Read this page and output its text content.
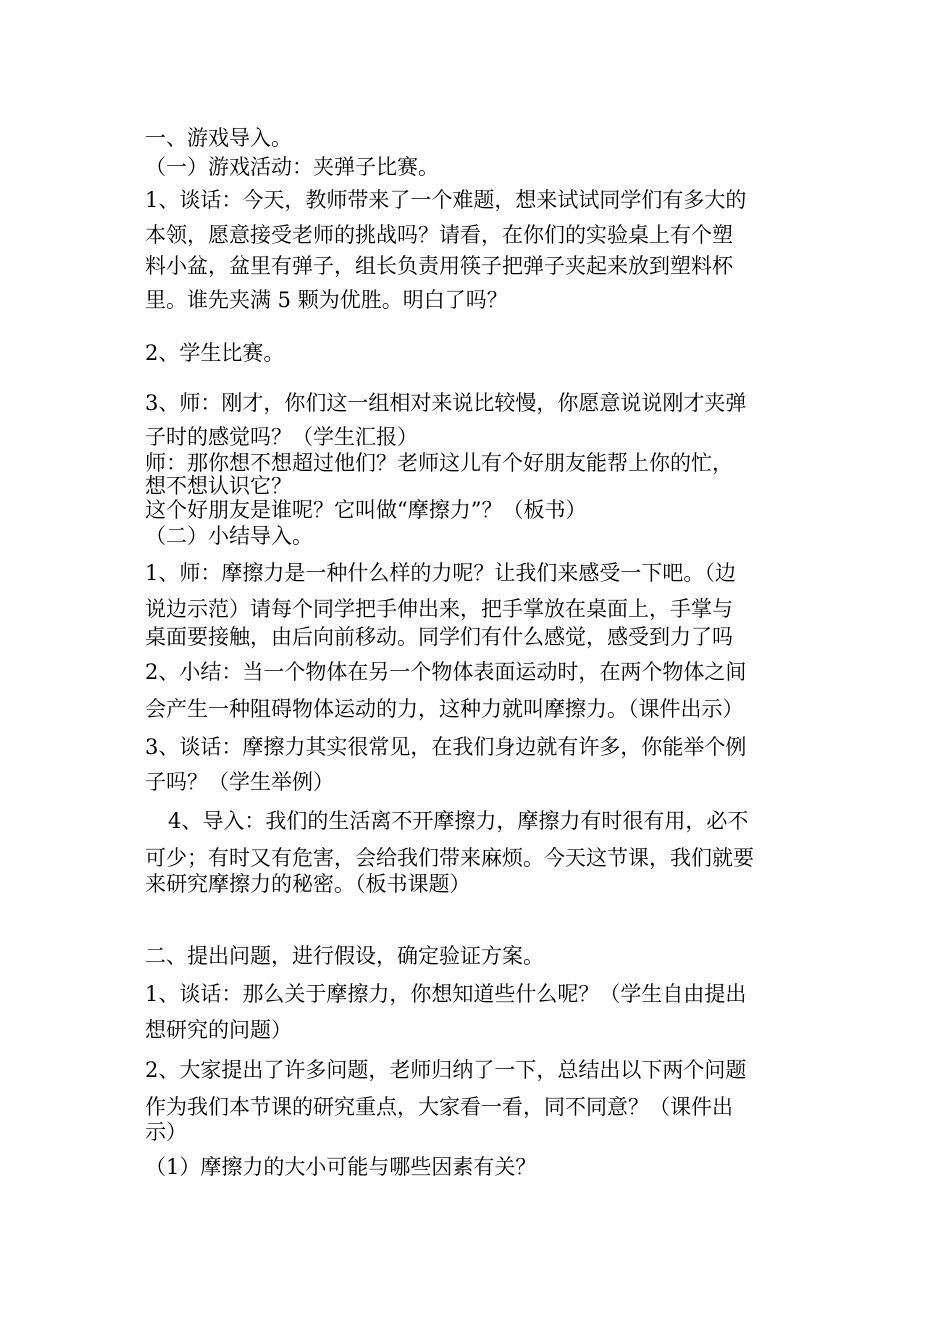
一、游戏导入。
（一）游戏活动：夹弹子比赛。
1、谈话：今天，教师带来了一个难题，想来试试同学们有多大的
本领，愿意接受老师的挑战吗？请看，在你们的实验桌上有个塑
料小盆，盆里有弹子，组长负责用筷子把弹子夹起来放到塑料杯
里。谁先夹满 5 颗为优胜。明白了吗？
2、学生比赛。
3、师：刚才，你们这一组相对来说比较慢，你愿意说说刚才夹弹
子时的感觉吗？（学生汇报）
师：那你想不想超过他们？老师这儿有个好朋友能帮上你的忙，
想不想认识它？
这个好朋友是谁呢？它叫做“摩擦力”？（板书）
（二）小结导入。
1、师：摩擦力是一种什么样的力呢？让我们来感受一下吧。（边
说边示范）请每个同学把手伸出来，把手掌放在桌面上，手掌与
桌面要接触，由后向前移动。同学们有什么感觉，感受到力了吗
2、小结：当一个物体在另一个物体表面运动时，在两个物体之间
会产生一种阻碍物体运动的力，这种力就叫摩擦力。（课件出示）
3、谈话：摩擦力其实很常见，在我们身边就有许多，你能举个例
子吗？（学生举例）
4、导入：我们的生活离不开摩擦力，摩擦力有时很有用，必不
可少；有时又有危害，会给我们带来麻烦。今天这节课，我们就要
来研究摩擦力的秘密。（板书课题）
二、提出问题，进行假设，确定验证方案。
1、谈话：那么关于摩擦力，你想知道些什么呢？（学生自由提出
想研究的问题）
2、大家提出了许多问题，老师归纳了一下，总结出以下两个问题
作为我们本节课的研究重点，大家看一看，同不同意？（课件出
示）
（1）摩擦力的大小可能与哪些因素有关？
